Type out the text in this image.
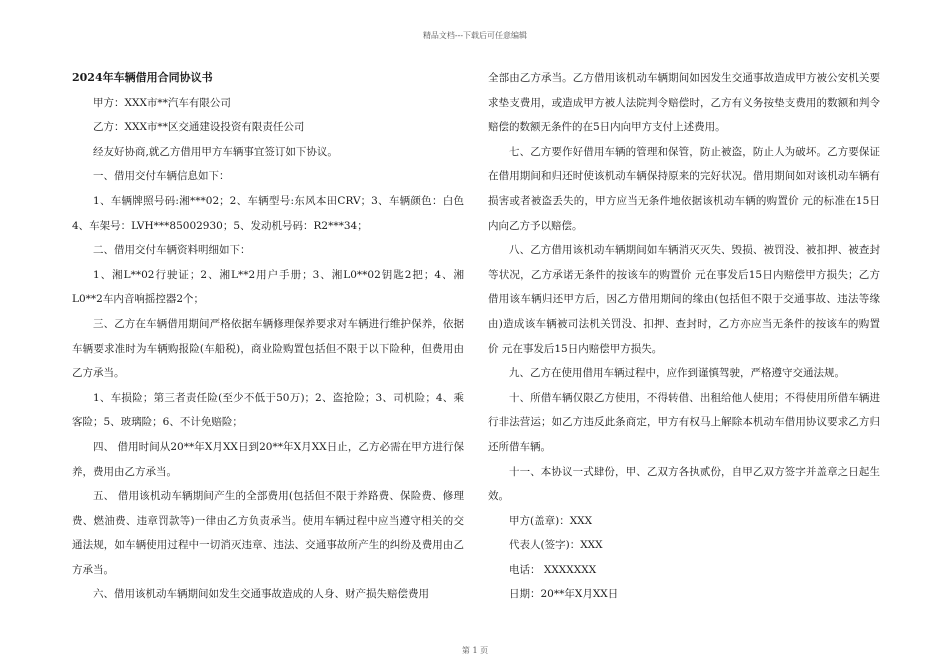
精品文档---下载后可任意编辑

2024年车辆借用合同协议书

甲方：XXX市**汽车有限公司

乙方：XXX市**区交通建设投资有限责任公司

经友好协商,就乙方借用甲方车辆事宜签订如下协议。

一、借用交付车辆信息如下：

1、车辆牌照号码:湘***02；2、车辆型号:东风本田CRV；3、车辆颜色：白色 4、车架号：LVH***85002930；5、发动机号码：R2***34；

二、借用交付车辆资料明细如下：

1、湘L**02行驶证；2、湘L**2用户手册；3、湘L0**02钥匙2把；4、湘L0**2车内音响摇控器2个；

三、乙方在车辆借用期间严格依据车辆修理保养要求对车辆进行维护保养，依据车辆要求准时为车辆购报险(车船税)，商业险购置包括但不限于以下险种，但费用由乙方承当。

1、车损险；第三者责任险(至少不低于50万)；2、盗抢险；3、司机险；4、乘客险；5、玻璃险；6、不计免赔险；

四、 借用时间从20**年X月XX日到20**年X月XX日止，乙方必需在甲方进行保养，费用由乙方承当。

五、 借用该机动车辆期间产生的全部费用(包括但不限于养路费、保险费、修理费、燃油费、违章罚款等)一律由乙方负责承当。使用车辆过程中应当遵守相关的交通法规，如车辆使用过程中一切消灭违章、违法、交通事故所产生的纠纷及费用由乙方承当。

六、借用该机动车辆期间如发生交通事故造成的人身、财产损失赔偿费用

全部由乙方承当。乙方借用该机动车辆期间如因发生交通事故造成甲方被公安机关要求垫支费用，或造成甲方被人法院判令赔偿时，乙方有义务按垫支费用的数额和判令赔偿的数额无条件的在5日内向甲方支付上述费用。

七、乙方要作好借用车辆的管理和保管，防止被盗，防止人为破坏。乙方要保证在借用期间和归还时使该机动车辆保持原来的完好状况。借用期间如对该机动车辆有损害或者被盗丢失的，甲方应当无条件地依据该机动车辆的购置价 元的标准在15日内向乙方予以赔偿。

八、乙方借用该机动车辆期间如车辆消灭灭失、毁损、被罚没、被扣押、被查封等状况，乙方承诺无条件的按该车的购置价 元在事发后15日内赔偿甲方损失；乙方借用该车辆归还甲方后，因乙方借用期间的缘由(包括但不限于交通事故、违法等缘由)造成该车辆被司法机关罚没、扣押、查封时，乙方亦应当无条件的按该车的购置价 元在事发后15日内赔偿甲方损失。

九、乙方在使用借用车辆过程中，应作到谨慎驾驶，严格遵守交通法规。

十、所借车辆仅限乙方使用，不得转借、出租给他人使用；不得使用所借车辆进行非法营运；如乙方违反此条商定，甲方有权马上解除本机动车借用协议要求乙方归还所借车辆。

十一、本协议一式肆份，甲、乙双方各执贰份，自甲乙双方签字并盖章之日起生效。

甲方(盖章)：XXX

代表人(签字)：XXX

电话： XXXXXXX

日期：20**年X月XX日

第 1 页
